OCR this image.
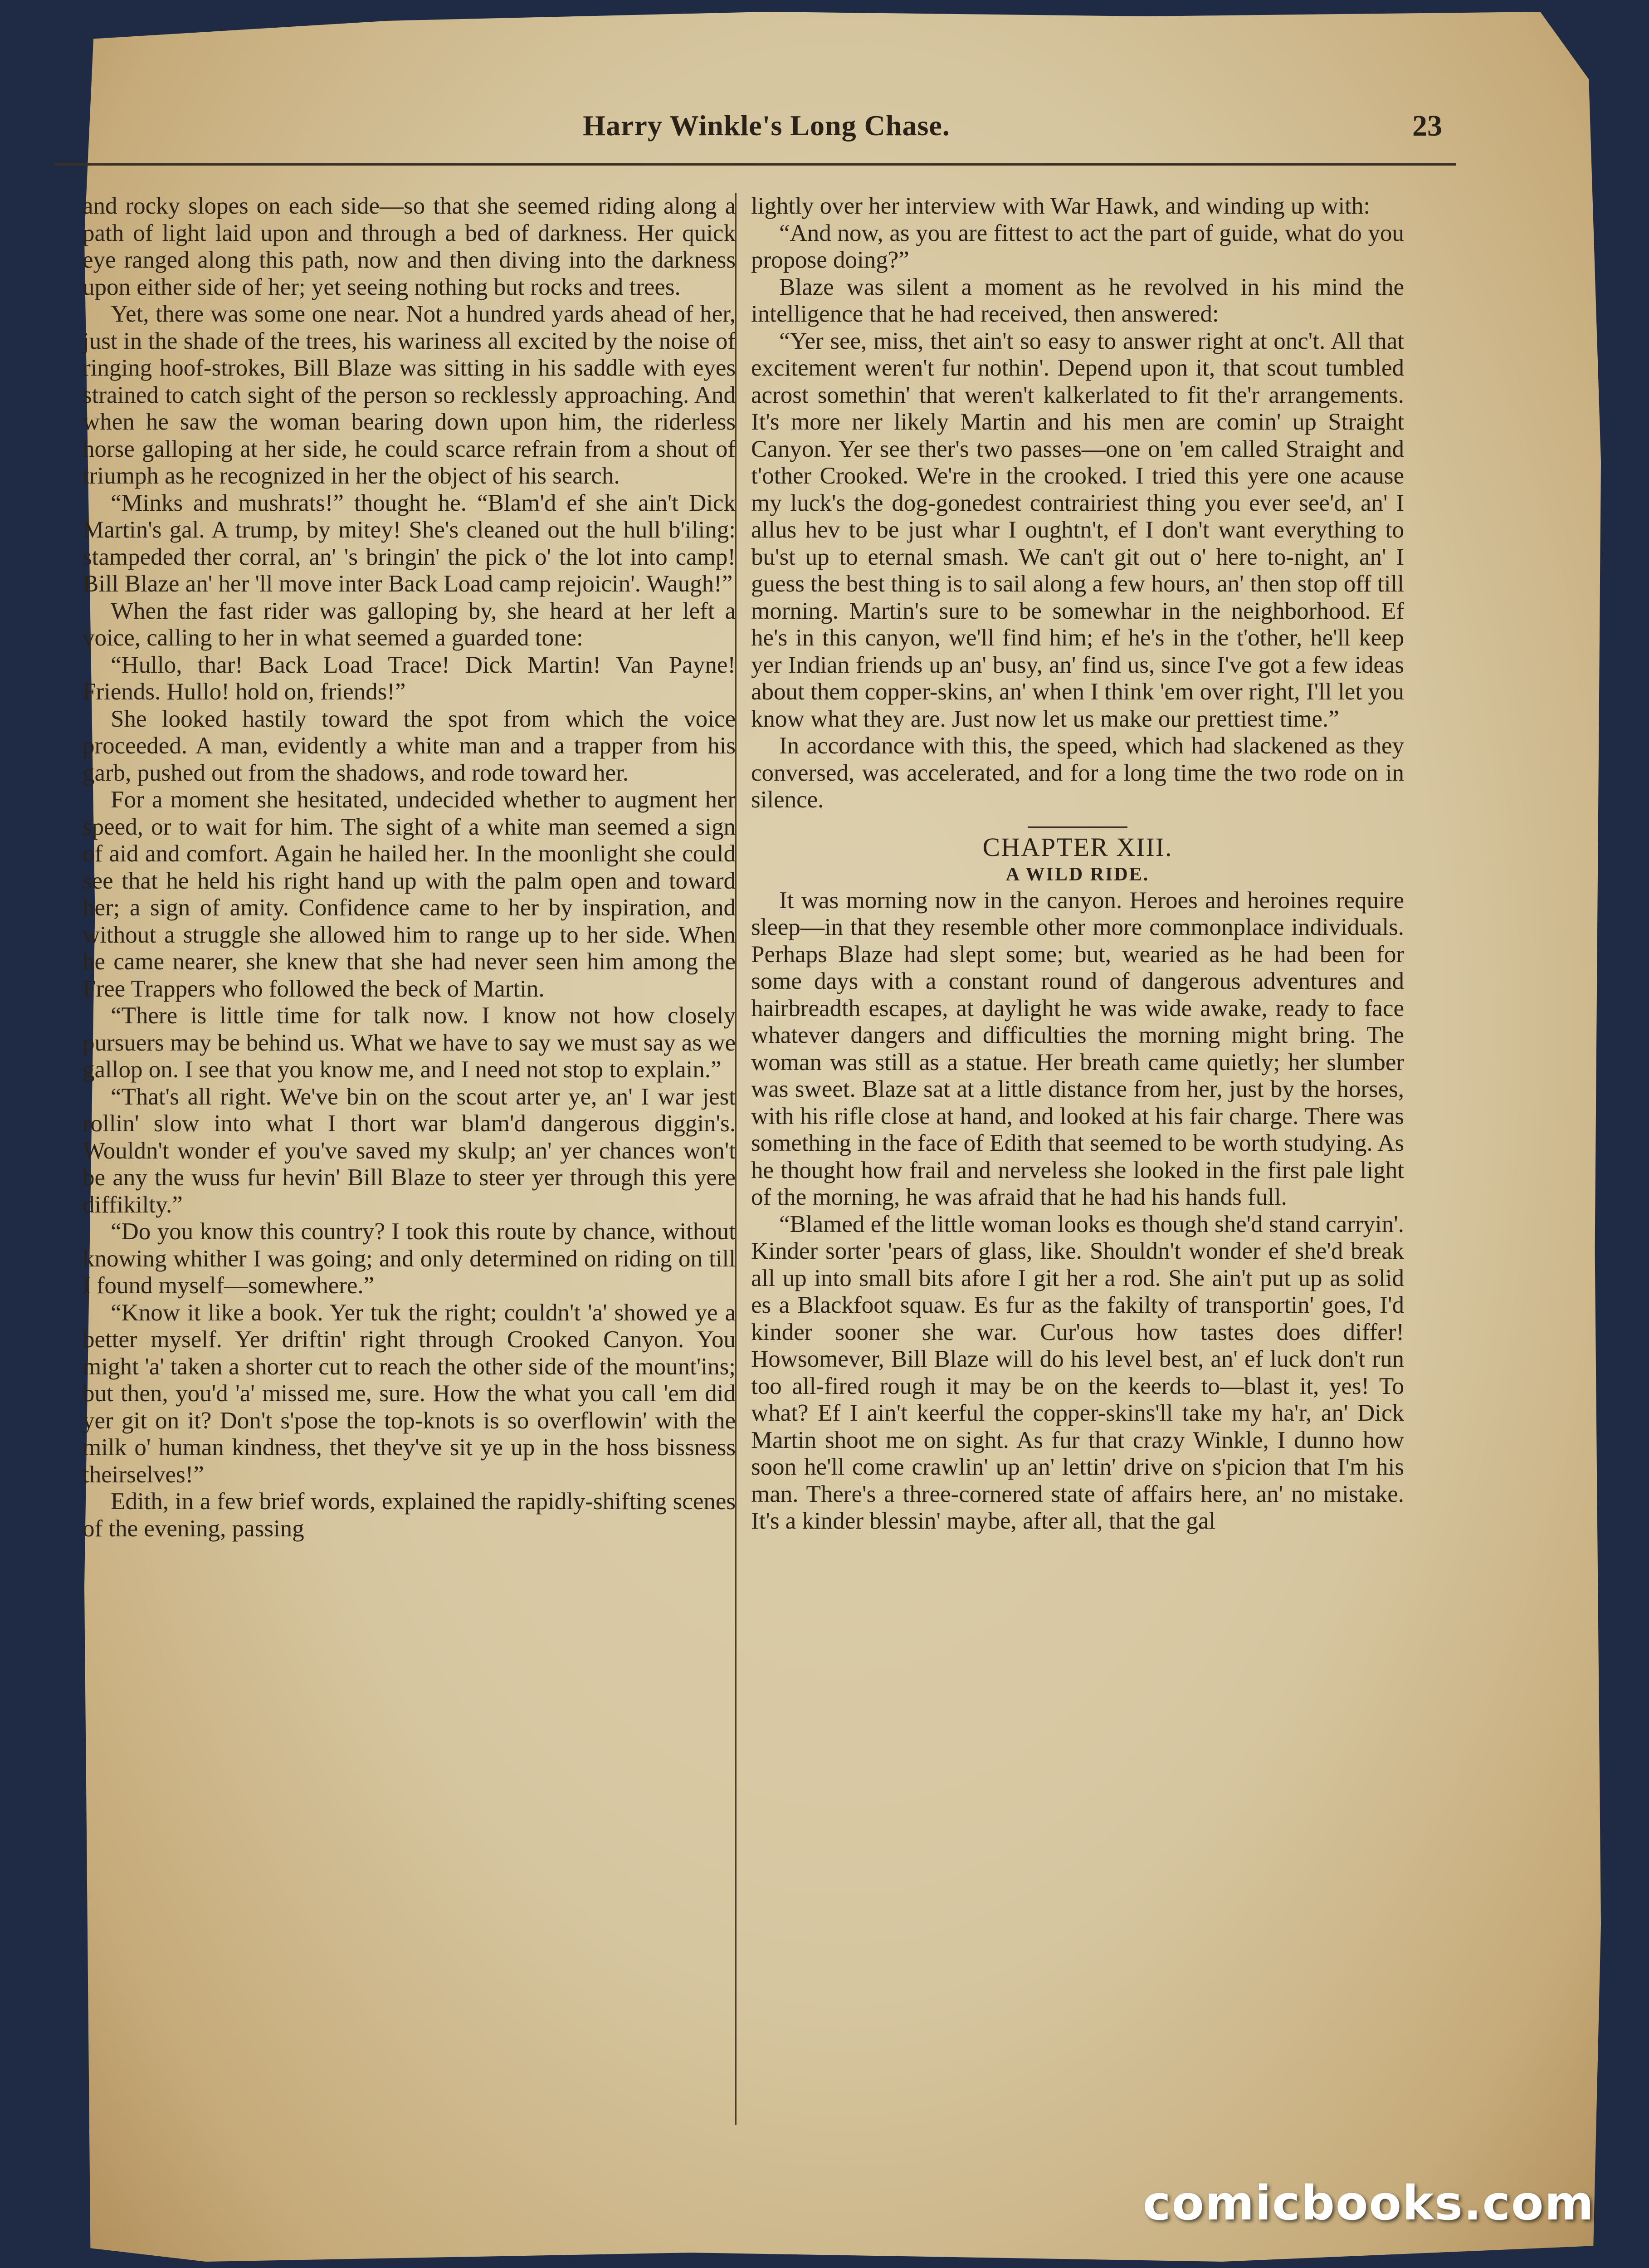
Harry Winkle's Long Chase.	23

and rocky slopes on each side—so that she seemed riding along a path of light laid upon and through a bed of darkness. Her quick eye ranged along this path, now and then diving into the darkness upon either side of her; yet seeing nothing but rocks and trees.

Yet, there was some one near. Not a hundred yards ahead of her, just in the shade of the trees, his wariness all excited by the noise of ringing hoof-strokes, Bill Blaze was sitting in his saddle with eyes strained to catch sight of the person so recklessly approaching. And when he saw the woman bearing down upon him, the riderless horse galloping at her side, he could scarce refrain from a shout of triumph as he recognized in her the object of his search.

“Minks and mushrats!” thought he. “Blam'd ef she ain't Dick Martin's gal. A trump, by mitey! She's cleaned out the hull b'iling: stampeded ther corral, an' 's bringin' the pick o' the lot into camp! Bill Blaze an' her 'll move inter Back Load camp rejoicin'. Waugh!”

When the fast rider was galloping by, she heard at her left a voice, calling to her in what seemed a guarded tone:

“Hullo, thar! Back Load Trace! Dick Martin! Van Payne! Friends. Hullo! hold on, friends!”

She looked hastily toward the spot from which the voice proceeded. A man, evidently a white man and a trapper from his garb, pushed out from the shadows, and rode toward her.

For a moment she hesitated, undecided whether to augment her speed, or to wait for him. The sight of a white man seemed a sign of aid and comfort. Again he hailed her. In the moonlight she could see that he held his right hand up with the palm open and toward her; a sign of amity. Confidence came to her by inspiration, and without a struggle she allowed him to range up to her side. When he came nearer, she knew that she had never seen him among the Free Trappers who followed the beck of Martin.

“There is little time for talk now. I know not how closely pursuers may be behind us. What we have to say we must say as we gallop on. I see that you know me, and I need not stop to explain.”

“That's all right. We've bin on the scout arter ye, an' I war jest rollin' slow into what I thort war blam'd dangerous diggin's. Wouldn't wonder ef you've saved my skulp; an' yer chances won't be any the wuss fur hevin' Bill Blaze to steer yer through this yere diffikilty.”

“Do you know this country? I took this route by chance, without knowing whither I was going; and only determined on riding on till I found myself—somewhere.”

“Know it like a book. Yer tuk the right; couldn't 'a' showed ye a better myself. Yer driftin' right through Crooked Canyon. You might 'a' taken a shorter cut to reach the other side of the mount'ins; but then, you'd 'a' missed me, sure. How the what you call 'em did yer git on it? Don't s'pose the top-knots is so overflowin' with the milk o' human kindness, thet they've sit ye up in the hoss bissness theirselves!”

Edith, in a few brief words, explained the rapidly-shifting scenes of the evening, passing

lightly over her interview with War Hawk, and winding up with:

“And now, as you are fittest to act the part of guide, what do you propose doing?”

Blaze was silent a moment as he revolved in his mind the intelligence that he had received, then answered:

“Yer see, miss, thet ain't so easy to answer right at onc't. All that excitement weren't fur nothin'. Depend upon it, that scout tumbled acrost somethin' that weren't kalkerlated to fit the'r arrangements. It's more ner likely Martin and his men are comin' up Straight Canyon. Yer see ther's two passes—one on 'em called Straight and t'other Crooked. We're in the crooked. I tried this yere one acause my luck's the dog-gonedest contrairiest thing you ever see'd, an' I allus hev to be just whar I oughtn't, ef I don't want everything to bu'st up to eternal smash. We can't git out o' here to-night, an' I guess the best thing is to sail along a few hours, an' then stop off till morning. Martin's sure to be somewhar in the neighborhood. Ef he's in this canyon, we'll find him; ef he's in the t'other, he'll keep yer Indian friends up an' busy, an' find us, since I've got a few ideas about them copper-skins, an' when I think 'em over right, I'll let you know what they are. Just now let us make our prettiest time.”

In accordance with this, the speed, which had slackened as they conversed, was accelerated, and for a long time the two rode on in silence.

CHAPTER XIII.
A WILD RIDE.

It was morning now in the canyon. Heroes and heroines require sleep—in that they resemble other more commonplace individuals. Perhaps Blaze had slept some; but, wearied as he had been for some days with a constant round of dangerous adventures and hairbreadth escapes, at daylight he was wide awake, ready to face whatever dangers and difficulties the morning might bring. The woman was still as a statue. Her breath came quietly; her slumber was sweet. Blaze sat at a little distance from her, just by the horses, with his rifle close at hand, and looked at his fair charge. There was something in the face of Edith that seemed to be worth studying. As he thought how frail and nerveless she looked in the first pale light of the morning, he was afraid that he had his hands full.

“Blamed ef the little woman looks es though she'd stand carryin'. Kinder sorter 'pears of glass, like. Shouldn't wonder ef she'd break all up into small bits afore I git her a rod. She ain't put up as solid es a Blackfoot squaw. Es fur as the fakilty of transportin' goes, I'd kinder sooner she war. Cur'ous how tastes does differ! Howsomever, Bill Blaze will do his level best, an' ef luck don't run too all-fired rough it may be on the keerds to—blast it, yes! To what? Ef I ain't keerful the copper-skins'll take my ha'r, an' Dick Martin shoot me on sight. As fur that crazy Winkle, I dunno how soon he'll come crawlin' up an' lettin' drive on s'picion that I'm his man. There's a three-cornered state of affairs here, an' no mistake. It's a kinder blessin' maybe, after all, that the gal

comicbooks.com
